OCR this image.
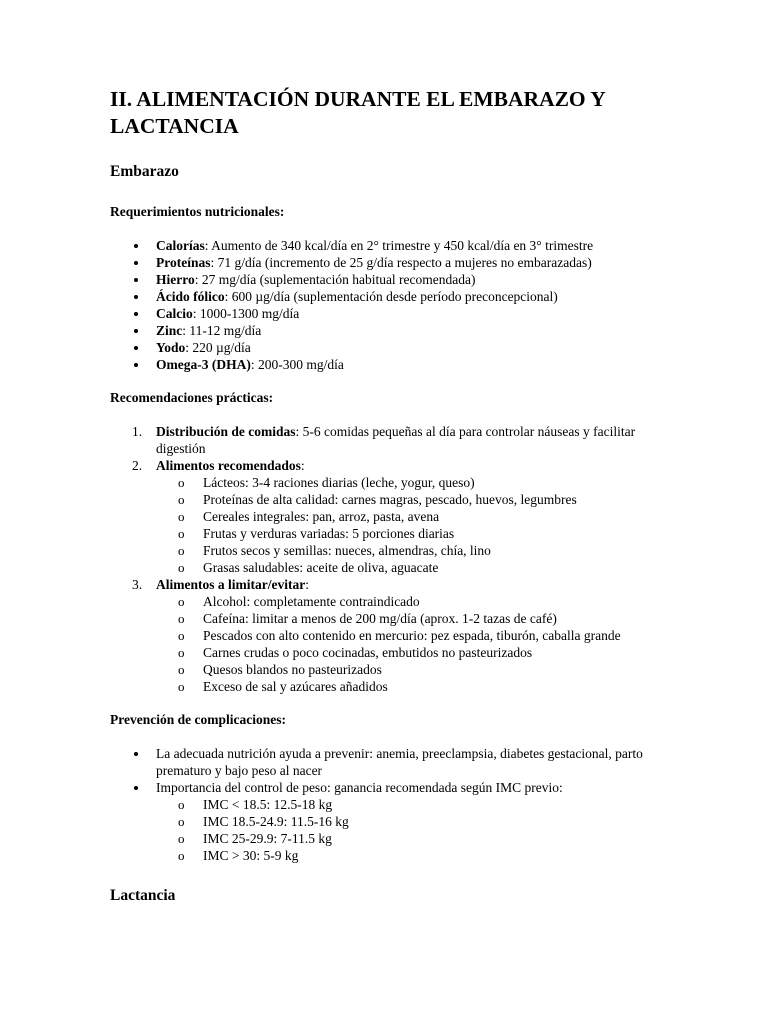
II. ALIMENTACIÓN DURANTE EL EMBARAZO Y LACTANCIA
Embarazo

Requerimientos nutricionales:

Calorías: Aumento de 340 kcal/día en 2° trimestre y 450 kcal/día en 3° trimestre
Proteínas: 71 g/día (incremento de 25 g/día respecto a mujeres no embarazadas)
Hierro: 27 mg/día (suplementación habitual recomendada)
Ácido fólico: 600 µg/día (suplementación desde período preconcepcional)
Calcio: 1000-1300 mg/día
Zinc: 11-12 mg/día
Yodo: 220 µg/día
Omega-3 (DHA): 200-300 mg/día

Recomendaciones prácticas:

1.	Distribución de comidas: 5-6 comidas pequeñas al día para controlar náuseas y facilitar digestión
2.	Alimentos recomendados:
o Lácteos: 3-4 raciones diarias (leche, yogur, queso)
o Proteínas de alta calidad: carnes magras, pescado, huevos, legumbres
o Cereales integrales: pan, arroz, pasta, avena
o Frutas y verduras variadas: 5 porciones diarias
o Frutos secos y semillas: nueces, almendras, chía, lino
o Grasas saludables: aceite de oliva, aguacate
3.	Alimentos a limitar/evitar:
o Alcohol: completamente contraindicado
o Cafeína: limitar a menos de 200 mg/día (aprox. 1-2 tazas de café)
o Pescados con alto contenido en mercurio: pez espada, tiburón, caballa grande
o Carnes crudas o poco cocinadas, embutidos no pasteurizados
o Quesos blandos no pasteurizados
o Exceso de sal y azúcares añadidos

Prevención de complicaciones:

La adecuada nutrición ayuda a prevenir: anemia, preeclampsia, diabetes gestacional, parto prematuro y bajo peso al nacer
Importancia del control de peso: ganancia recomendada según IMC previo:
o IMC < 18.5: 12.5-18 kg
o IMC 18.5-24.9: 11.5-16 kg
o IMC 25-29.9: 7-11.5 kg
o IMC > 30: 5-9 kg
Lactancia
